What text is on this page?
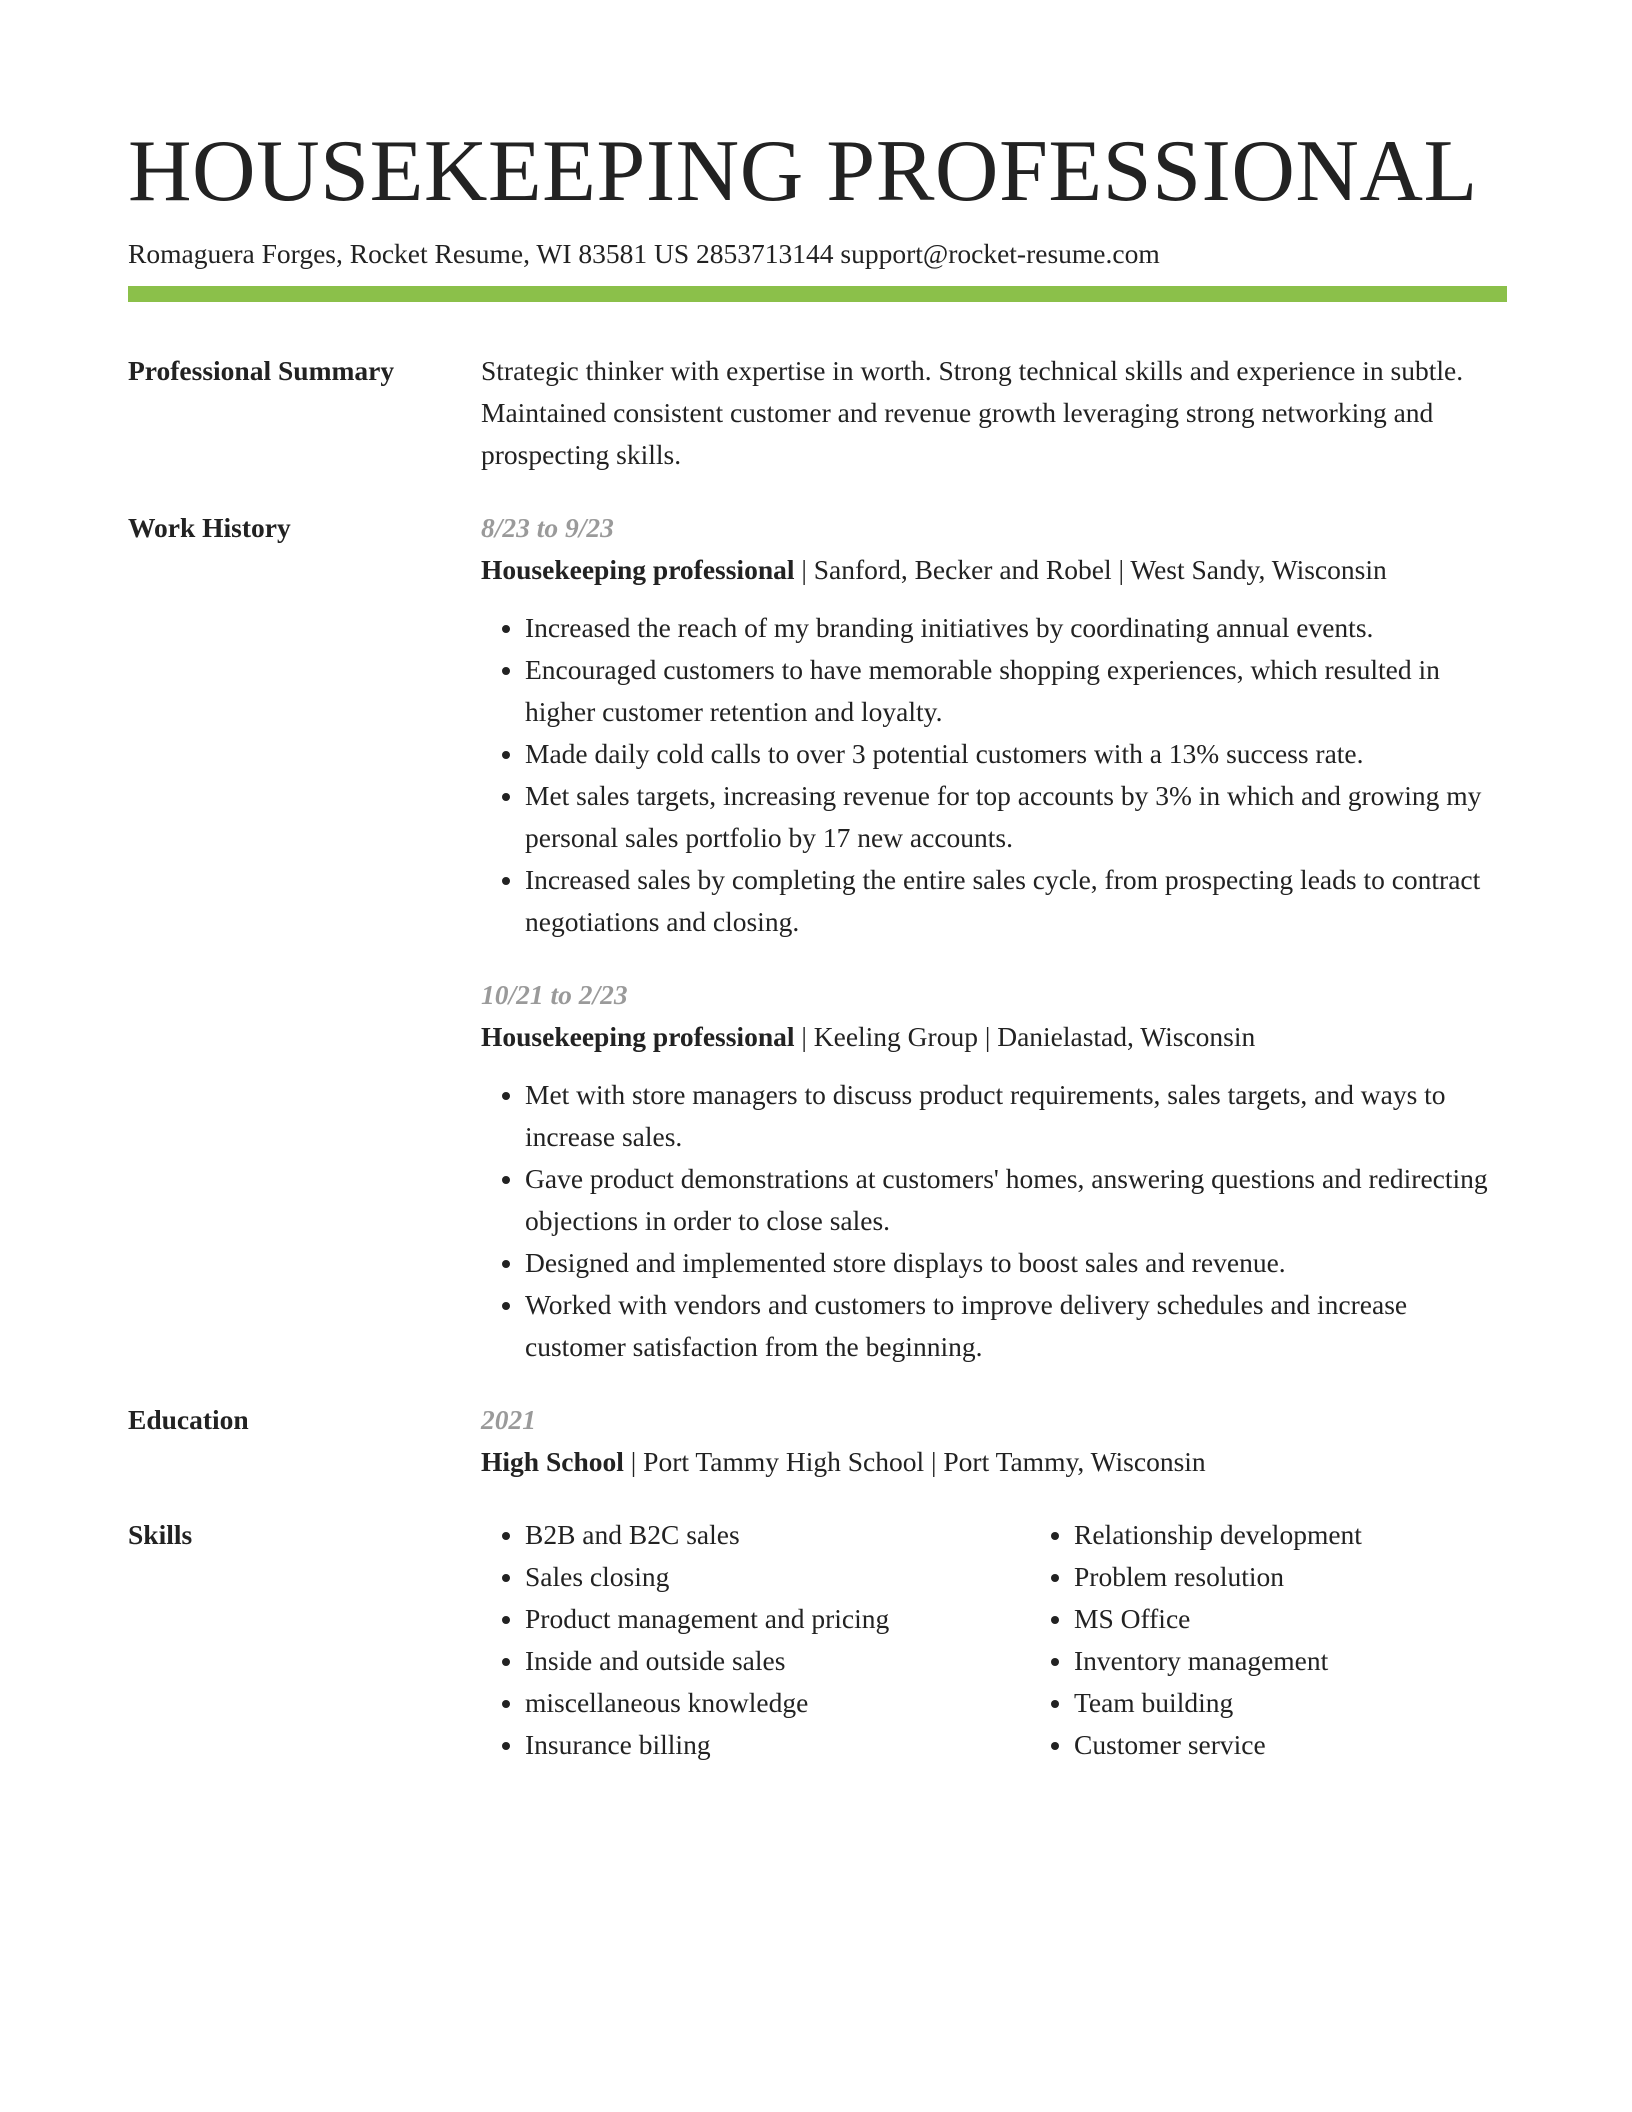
HOUSEKEEPING PROFESSIONAL
Romaguera Forges, Rocket Resume, WI 83581 US 2853713144 support@rocket-resume.com
Professional Summary	Strategic thinker with expertise in worth. Strong technical skills and experience in subtle. Maintained consistent customer and revenue growth leveraging strong networking and prospecting skills.
Work History	8/23 to 9/23
Housekeeping professional | Sanford, Becker and Robel | West Sandy, Wisconsin
• Increased the reach of my branding initiatives by coordinating annual events.
• Encouraged customers to have memorable shopping experiences, which resulted in higher customer retention and loyalty.
• Made daily cold calls to over 3 potential customers with a 13% success rate.
• Met sales targets, increasing revenue for top accounts by 3% in which and growing my personal sales portfolio by 17 new accounts.
• Increased sales by completing the entire sales cycle, from prospecting leads to contract negotiations and closing.
10/21 to 2/23
Housekeeping professional | Keeling Group | Danielastad, Wisconsin
• Met with store managers to discuss product requirements, sales targets, and ways to increase sales.
• Gave product demonstrations at customers' homes, answering questions and redirecting objections in order to close sales.
• Designed and implemented store displays to boost sales and revenue.
• Worked with vendors and customers to improve delivery schedules and increase customer satisfaction from the beginning.
Education	2021
High School | Port Tammy High School | Port Tammy, Wisconsin
Skills
•	B2B and B2C sales
• Sales closing
• Product management and pricing
• Inside and outside sales
• miscellaneous knowledge
• Insurance billing
• Relationship development
• Problem resolution
• MS Office
• Inventory management
• Team building
• Customer service
